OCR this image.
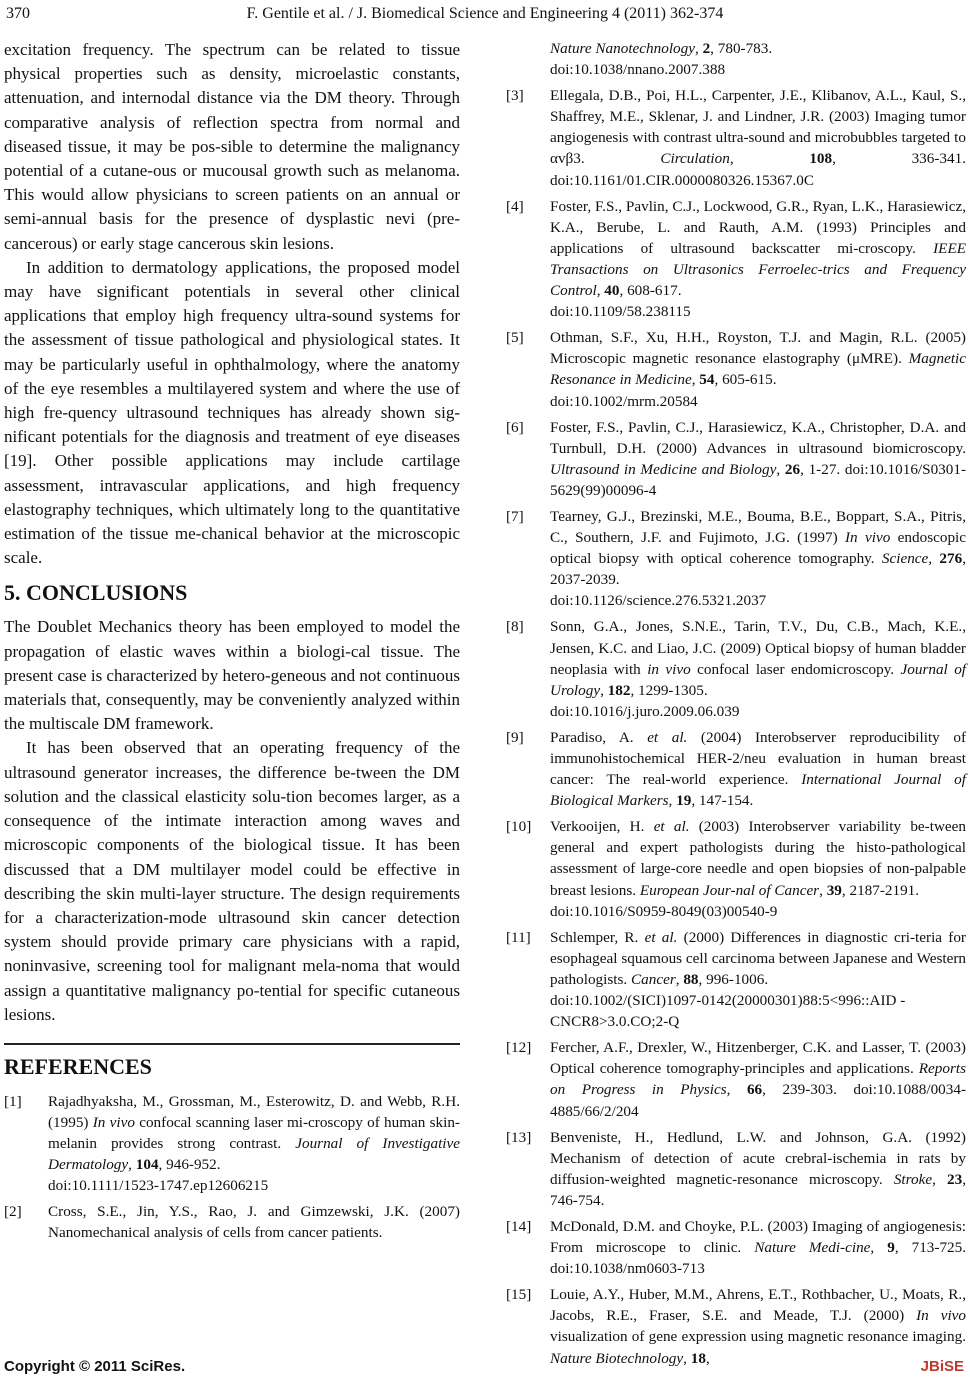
370	F. Gentile et al. / J. Biomedical Science and Engineering 4 (2011) 362-374

excitation frequency. The spectrum can be related to tissue physical properties such as density, microelastic constants, attenuation, and internodal distance via the DM theory. Through comparative analysis of reflection spectra from normal and diseased tissue, it may be pos-sible to determine the malignancy potential of a cutane-ous or mucousal growth such as melanoma. This would allow physicians to screen patients on an annual or semi-annual basis for the presence of dysplastic nevi (pre-cancerous) or early stage cancerous skin lesions.

In addition to dermatology applications, the proposed model may have significant potentials in several other clinical applications that employ high frequency ultra-sound systems for the assessment of tissue pathological and physiological states. It may be particularly useful in ophthalmology, where the anatomy of the eye resembles a multilayered system and where the use of high fre-quency ultrasound techniques has already shown sig-nificant potentials for the diagnosis and treatment of eye diseases [19]. Other possible applications may include cartilage assessment, intravascular applications, and high frequency elastography techniques, which ultimately long to the quantitative estimation of the tissue me-chanical behavior at the microscopic scale.

5. CONCLUSIONS

The Doublet Mechanics theory has been employed to model the propagation of elastic waves within a biologi-cal tissue. The present case is characterized by hetero-geneous and not continuous materials that, consequently, may be conveniently analyzed within the multiscale DM framework.

It has been observed that an operating frequency of the ultrasound generator increases, the difference be-tween the DM solution and the classical elasticity solu-tion becomes larger, as a consequence of the intimate interaction among waves and microscopic components of the biological tissue. It has been discussed that a DM multilayer model could be effective in describing the skin multi-layer structure. The design requirements for a characterization-mode ultrasound skin cancer detection system should provide primary care physicians with a rapid, noninvasive, screening tool for malignant mela-noma that would assign a quantitative malignancy po-tential for specific cutaneous lesions.

REFERENCES
[1] Rajadhyaksha, M., Grossman, M., Esterowitz, D. and Webb, R.H. (1995) In vivo confocal scanning laser mi-croscopy of human skin-melanin provides strong contrast. Journal of Investigative Dermatology, 104, 946-952.
doi:10.1111/1523-1747.ep12606215
[2] Cross, S.E., Jin, Y.S., Rao, J. and Gimzewski, J.K. (2007) Nanomechanical analysis of cells from cancer patients.
Nature Nanotechnology, 2, 780-783.
doi:10.1038/nnano.2007.388
[3] Ellegala, D.B., Poi, H.L., Carpenter, J.E., Klibanov, A.L., Kaul, S., Shaffrey, M.E., Sklenar, J. and Lindner, J.R. (2003) Imaging tumor angiogenesis with contrast ultra-sound and microbubbles targeted to αvβ3. Circulation, 108, 336-341. doi:10.1161/01.CIR.0000080326.15367.0C
[4] Foster, F.S., Pavlin, C.J., Lockwood, G.R., Ryan, L.K., Harasiewicz, K.A., Berube, L. and Rauth, A.M. (1993) Principles and applications of ultrasound backscatter mi-croscopy. IEEE Transactions on Ultrasonics Ferroelec-trics and Frequency Control, 40, 608-617.
doi:10.1109/58.238115
[5] Othman, S.F., Xu, H.H., Royston, T.J. and Magin, R.L. (2005) Microscopic magnetic resonance elastography (μMRE). Magnetic Resonance in Medicine, 54, 605-615.
doi:10.1002/mrm.20584
[6] Foster, F.S., Pavlin, C.J., Harasiewicz, K.A., Christopher, D.A. and Turnbull, D.H. (2000) Advances in ultrasound biomicroscopy. Ultrasound in Medicine and Biology, 26, 1-27. doi:10.1016/S0301-5629(99)00096-4
[7] Tearney, G.J., Brezinski, M.E., Bouma, B.E., Boppart, S.A., Pitris, C., Southern, J.F. and Fujimoto, J.G. (1997) In vivo endoscopic optical biopsy with optical coherence tomography. Science, 276, 2037-2039.
doi:10.1126/science.276.5321.2037
[8] Sonn, G.A., Jones, S.N.E., Tarin, T.V., Du, C.B., Mach, K.E., Jensen, K.C. and Liao, J.C. (2009) Optical biopsy of human bladder neoplasia with in vivo confocal laser endomicroscopy. Journal of Urology, 182, 1299-1305.
doi:10.1016/j.juro.2009.06.039
[9] Paradiso, A. et al. (2004) Interobserver reproducibility of immunohistochemical HER-2/neu evaluation in human breast cancer: The real-world experience. International Journal of Biological Markers, 19, 147-154.
[10] Verkooijen, H. et al. (2003) Interobserver variability be-tween general and expert pathologists during the histo-pathological assessment of large-core needle and open biopsies of non-palpable breast lesions. European Jour-nal of Cancer, 39, 2187-2191.
doi:10.1016/S0959-8049(03)00540-9
[11] Schlemper, R. et al. (2000) Differences in diagnostic cri-teria for esophageal squamous cell carcinoma between Japanese and Western pathologists. Cancer, 88, 996-1006.
doi:10.1002/(SICI)1097-0142(20000301)88:5<996::AID -CNCR8>3.0.CO;2-Q
[12] Fercher, A.F., Drexler, W., Hitzenberger, C.K. and Lasser, T. (2003) Optical coherence tomography-principles and applications. Reports on Progress in Physics, 66, 239-303. doi:10.1088/0034-4885/66/2/204
[13] Benveniste, H., Hedlund, L.W. and Johnson, G.A. (1992) Mechanism of detection of acute crebral-ischemia in rats by diffusion-weighted magnetic-resonance microscopy. Stroke, 23, 746-754.
[14] McDonald, D.M. and Choyke, P.L. (2003) Imaging of angiogenesis: From microscope to clinic. Nature Medi-cine, 9, 713-725. doi:10.1038/nm0603-713
[15] Louie, A.Y., Huber, M.M., Ahrens, E.T., Rothbacher, U., Moats, R., Jacobs, R.E., Fraser, S.E. and Meade, T.J. (2000) In vivo visualization of gene expression using magnetic resonance imaging. Nature Biotechnology, 18,
Copyright © 2011 SciRes.	JBiSE
